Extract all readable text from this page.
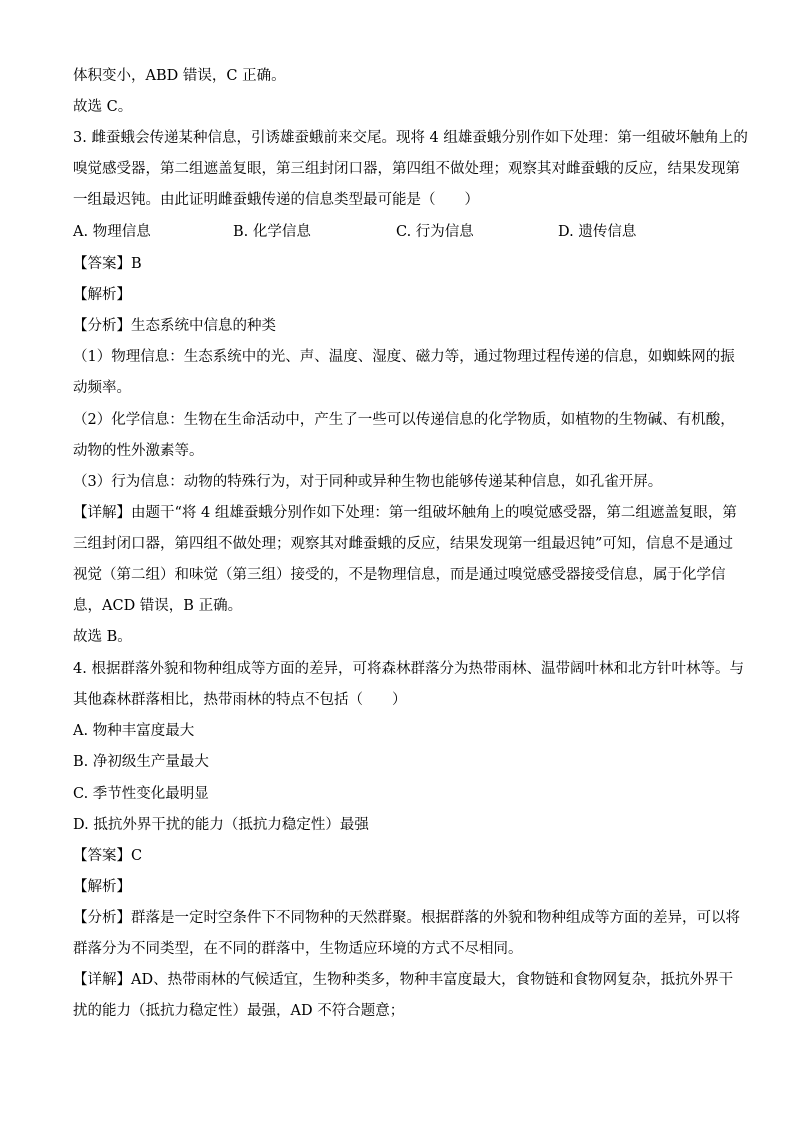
体积变小，ABD 错误，C 正确。
故选 C。
3. 雌蚕蛾会传递某种信息，引诱雄蚕蛾前来交尾。现将 4 组雄蚕蛾分别作如下处理：第一组破坏触角上的
嗅觉感受器，第二组遮盖复眼，第三组封闭口器，第四组不做处理；观察其对雌蚕蛾的反应，结果发现第
一组最迟钝。由此证明雌蚕蛾传递的信息类型最可能是（　　）
A. 物理信息	B. 化学信息	C. 行为信息	D. 遗传信息
【答案】B
【解析】
【分析】生态系统中信息的种类
（1）物理信息：生态系统中的光、声、温度、湿度、磁力等，通过物理过程传递的信息，如蜘蛛网的振
动频率。
（2）化学信息：生物在生命活动中，产生了一些可以传递信息的化学物质，如植物的生物碱、有机酸，
动物的性外激素等。
（3）行为信息：动物的特殊行为，对于同种或异种生物也能够传递某种信息，如孔雀开屏。
【详解】由题干“将 4 组雄蚕蛾分别作如下处理：第一组破坏触角上的嗅觉感受器，第二组遮盖复眼，第
三组封闭口器，第四组不做处理；观察其对雌蚕蛾的反应，结果发现第一组最迟钝”可知，信息不是通过
视觉（第二组）和味觉（第三组）接受的，不是物理信息，而是通过嗅觉感受器接受信息，属于化学信
息，ACD 错误，B 正确。
故选 B。
4. 根据群落外貌和物种组成等方面的差异，可将森林群落分为热带雨林、温带阔叶林和北方针叶林等。与
其他森林群落相比，热带雨林的特点不包括（　　）
A. 物种丰富度最大
B. 净初级生产量最大
C. 季节性变化最明显
D. 抵抗外界干扰的能力（抵抗力稳定性）最强
【答案】C
【解析】
【分析】群落是一定时空条件下不同物种的天然群聚。根据群落的外貌和物种组成等方面的差异，可以将
群落分为不同类型，在不同的群落中，生物适应环境的方式不尽相同。
【详解】AD、热带雨林的气候适宜，生物种类多，物种丰富度最大，食物链和食物网复杂，抵抗外界干
扰的能力（抵抗力稳定性）最强，AD 不符合题意；
